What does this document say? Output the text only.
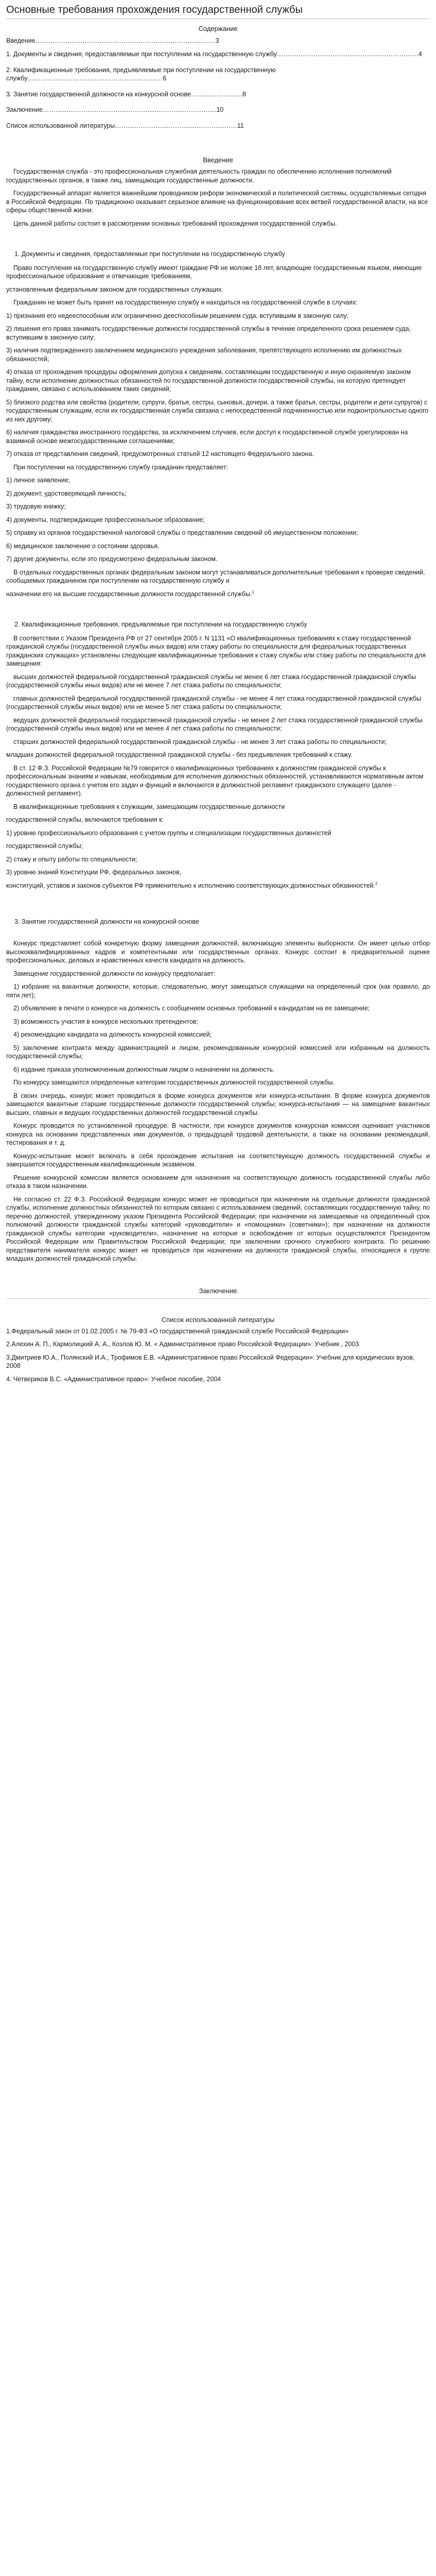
Основные требования прохождения государственной службы
Содержание
Введение…………………………………………………………………………3
1. Документы и сведения, предоставляемые при поступлении на государственную службу…………………………………………………………4
2. Квалификационные требования, предъявляемые при поступлении на государственную службу………………………………………………………6
3. Занятие государственной должности на конкурсной основе……………………8
Заключение………………………………………………………………………10
Список использованной литературы…………………………………………………11
Введение

Государственная служба - это профессиональная служебная деятельность граждан по обеспечению исполнения полномочий государственных органов, в также лиц, замещающих государственные должности.

Государственный аппарат является важнейшим проводником реформ экономической и политической системы, осуществляемых сегодня в Российской Федерации. По традиционно оказывает серьезное влияние на функционирование всех ветвей государственной власти, на все сферы общественной жизни.

Цель данной работы состоит в рассмотрении основных требований прохождения государственной службы.

1. Документы и сведения, предоставляемые при поступлении на государственную службу

Право поступления на государственную службу имеют граждане РФ не моложе 18 лет, владеющие государственным языком, имеющие профессиональное образование и отвечающие требованиям,

установленным федеральным законом для государственных служащих.

Гражданин не может быть принят на государственную службу и находиться на государственной службе в случаях:

1) признания его недееспособным или ограниченно дееспособным решением суда, вступившим в законную силу;

2) лишения его права занимать государственные должности государственной службы в течение определенного срока решением суда, вступившим в законную силу;

3) наличия подтвержденного заключением медицинского учреждения заболевания, препятствующего исполнению им должностных обязанностей;

4) отказа от прохождения процедуры оформления допуска к сведениям, составляющим государственную и иную охраняемую законом тайну, если исполнение должностных обязанностей по государственной должности государственной службы, на которую претендует гражданин, связано с использованием таких сведений;

5) близкого родства или свойства (родители, супруги, братья, сестры, сыновья, дочери, а также братья, сестры, родители и дети супругов) с государственным служащим, если их государственная служба связана с непосредственной подчиненностью или подконтрольностью одного из них другому;

6) наличия гражданства иностранного государства, за исключением случаев, если доступ к государственной службе урегулирован на взаимной основе межгосударственными соглашениями;

7) отказа от представления сведений, предусмотренных статьей 12 настоящего Федерального закона.

При поступлении на государственную службу гражданин представляет:

1) личное заявление;

2) документ, удостоверяющий личность;

3) трудовую книжку;

4) документы, подтверждающие профессиональное образование;

5) справку из органов государственной налоговой службы о представлении сведений об имущественном положении;

6) медицинское заключение о состоянии здоровья.

7) другие документы, если это предусмотрено федеральным законом.

В отдельных государственных органах федеральным законом могут устанавливаться дополнительные требования к проверке сведений, сообщаемых гражданином при поступлении на государственную службу и

назначении его на высшие государственные должности государственной службы.$^1$

2. Квалификационные требования, предъявляемые при поступлении на государственную службу

В соответствии с Указом Президента РФ от 27 сентября 2005 г. N 1131 «О квалификационных требованиях к стажу государственной гражданской службы (государственной службы иных видов) или стажу работы по специальности для федеральных государственных гражданских служащих» установлены следующие квалификационные требования к стажу службы или стажу работы по специальности для замещения:

высших должностей федеральной государственной гражданской службы не менее 6 лет стажа государственной гражданской службы (государственной службы иных видов) или не менее 7 лет стажа работы по специальности;

главных должностей федеральной государственной гражданской службы - не менее 4 лет стажа государственной гражданской службы (государственной службы иных видов) или не менее 5 лет стажа работы по специальности;

ведущих должностей федеральной государственной гражданской службы - не менее 2 лет стажа государственной гражданской службы (государственной службы иных видов) или не менее 4 лет стажа работы по специальности;

старших должностей федеральной государственной гражданской службы - не менее 3 лет стажа работы по специальности;

младших должностей федеральной государственной гражданской службы - без предъявления требований к стажу.

В ст. 12 Ф.З. Российской Федерации №79 говорится о квалификационных требованиях к должностям гражданской службы к профессиональным знаниям и навыкам, необходимым для исполнения должностных обязанностей, устанавливаются нормативным актом государственного органа с учетом его задач и функций и включаются в должностной регламент гражданского служащего (далее - должностной регламент).

В квалификационные требования к служащим, замещающим государственные должности

государственной службы, включаются требования к:

1) уровню профессионального образования с учетом группы и специализации государственных должностей

государственной службы;

2) стажу и опыту работы по специальности;

3) уровню знаний Конституции РФ, федеральных законов,

конституций, уставов и законов субъектов РФ применительно к исполнению соответствующих должностных обязанностей.$^2$

3. Занятие государственной должности на конкурсной основе

Конкурс представляет собой конкретную форму замещения должностей, включающую элементы выборности. Он имеет целью отбор высококвалифицированных кадров и компетентными или государственных органах. Конкурс состоит в предварительной оценке профессиональных, деловых и нравственных качеств кандидата на должность.

Замещение государственной должности по конкурсу предполагает:

1) избрание на вакантные должности, которые, следовательно, могут замещаться служащими на определенный срок (как правило, до пяти лет);

2) объявление в печати о конкурсе на должность с сообщением основных требований к кандидатам на ее замещение;

3) возможность участия в конкурсе нескольких претендентов;

4) рекомендацию кандидата на должность конкурсной комиссией;

5) заключение контракта между администрацией и лицом, рекомендованным конкурсной комиссией или избранным на должность государственной службы;

6) издание приказа уполномоченным должностным лицом о назначении на должность.

По конкурсу замещаются определенные категории государственных должностей государственной службы.

В своих очередь, конкурс может проводиться в форме конкурса документов или конкурса-испытания. В форме конкурса документов замещаются вакантные старшие государственные должности государственной службы; конкурса-испытания — на замещение вакантных высших, главных и ведущих государственных должностей государственной службы.

Конкурс проводится по установленной процедуре. В частности, при конкурсе документов конкурсная комиссия оценивает участников конкурса на основании представленных ими документов, о предыдущей трудовой деятельности, а также на основании рекомендаций, тестирования и т. д.

Конкурс-испытание может включать в себя прохождение испытания на соответствующую должность государственной службы и завершается государственным квалификационным экзаменом.

Решение конкурсной комиссии является основанием для назначения на соответствующую должность государственной службы либо отказа в таком назначении.

Не согласно ст. 22 Ф.З. Российской Федерации конкурс может не проводиться при назначении на отдельные должности гражданской службы, исполнение должностных обязанностей по которым связано с использованием сведений, составляющих государственную тайну, по перечню должностей, утвержденному указом Президента Российской Федерации; при назначении на замещаемые на определенный срок полномочий должности гражданской службы категорий «руководители» и «помощники» (советники»); при назначении на должности гражданской службы категории «руководители», назначение на которые и освобождение от которых осуществляются Президентом Российской Федерации или Правительством Российской Федерации; при заключении срочного служебного контракта. По решению представителя нанимателя конкурс может не проводиться при назначении на должности гражданской службы, относящиеся к группе младших должностей гражданской службы.

Заключение
Список использованной литературы

1.Федеральный закон от 01.02.2005 г. № 79-ФЗ «О государственной гражданской службе Российской Федерации»

2.Алехин А. П., Кармолицкий А. А., Козлов Ю. М. « Административное право Российской Федерации»: Учебник , 2003

3.Дмитриев Ю.А., Полянский И.А., Трофимов Е.В. «Административное право Российской Федерации»: Учебник для юридических вузов, 2008

4. Четвериков В.С. «Административное право»: Учебное пособие, 2004
